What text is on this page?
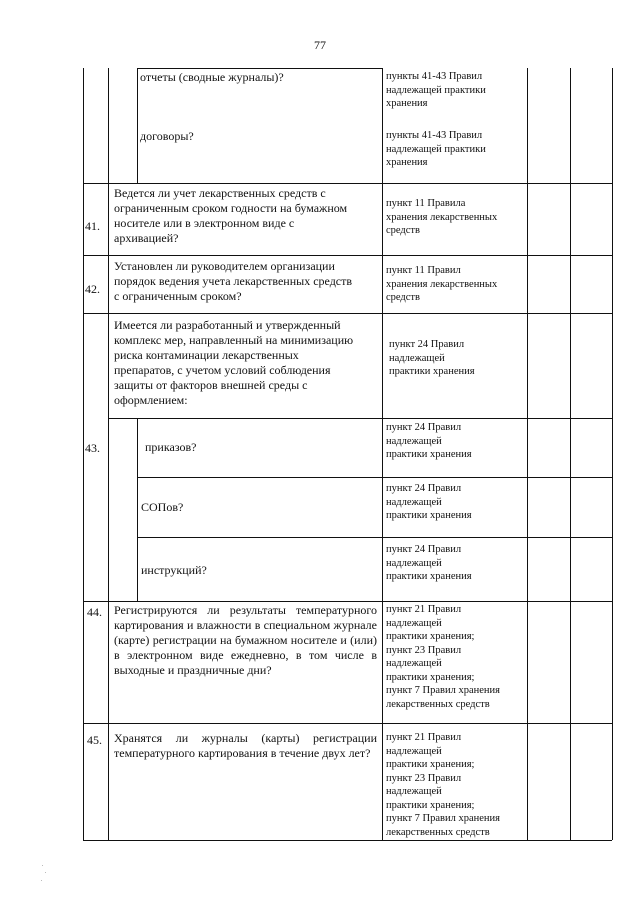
77
отчеты (сводные журналы)?	пункты 41-43 Правил
надлежащей практики
хранения
договоры?	пункты 41-43 Правил
надлежащей практики
хранения
41.
Ведется ли учет лекарственных средств с
ограниченным сроком годности на бумажном
носителе или в электронном виде с
архивацией?
пункт 11 Правила
хранения лекарственных
средств
42.
Установлен ли руководителем организации
порядок ведения учета лекарственных средств
с ограниченным сроком?
пункт 11 Правил
хранения лекарственных
средств
43.
Имеется ли разработанный и утвержденный
комплекс мер, направленный на минимизацию
риска контаминации лекарственных
препаратов, с учетом условий соблюдения
защиты от факторов внешней среды с
оформлением:
пункт 24 Правил
надлежащей
практики хранения
приказов?
пункт 24 Правил
надлежащей
практики хранения
СОПов?
пункт 24 Правил
надлежащей
практики хранения
инструкций?
пункт 24 Правил
надлежащей
практики хранения
44. Регистрируются ли результаты температурного картирования и влажности в специальном журнале (карте) регистрации на бумажном носителе и (или) в электронном виде ежедневно, в том числе в выходные и праздничные дни?
пункт 21 Правил
надлежащей
практики хранения;
пункт 23 Правил
надлежащей
практики хранения;
пункт 7 Правил хранения
лекарственных средств
45. Хранятся ли журналы (карты) регистрации температурного картирования в течение двух лет?
пункт 21 Правил
надлежащей
практики хранения;
пункт 23 Правил
надлежащей
практики хранения;
пункт 7 Правил хранения
лекарственных средств
